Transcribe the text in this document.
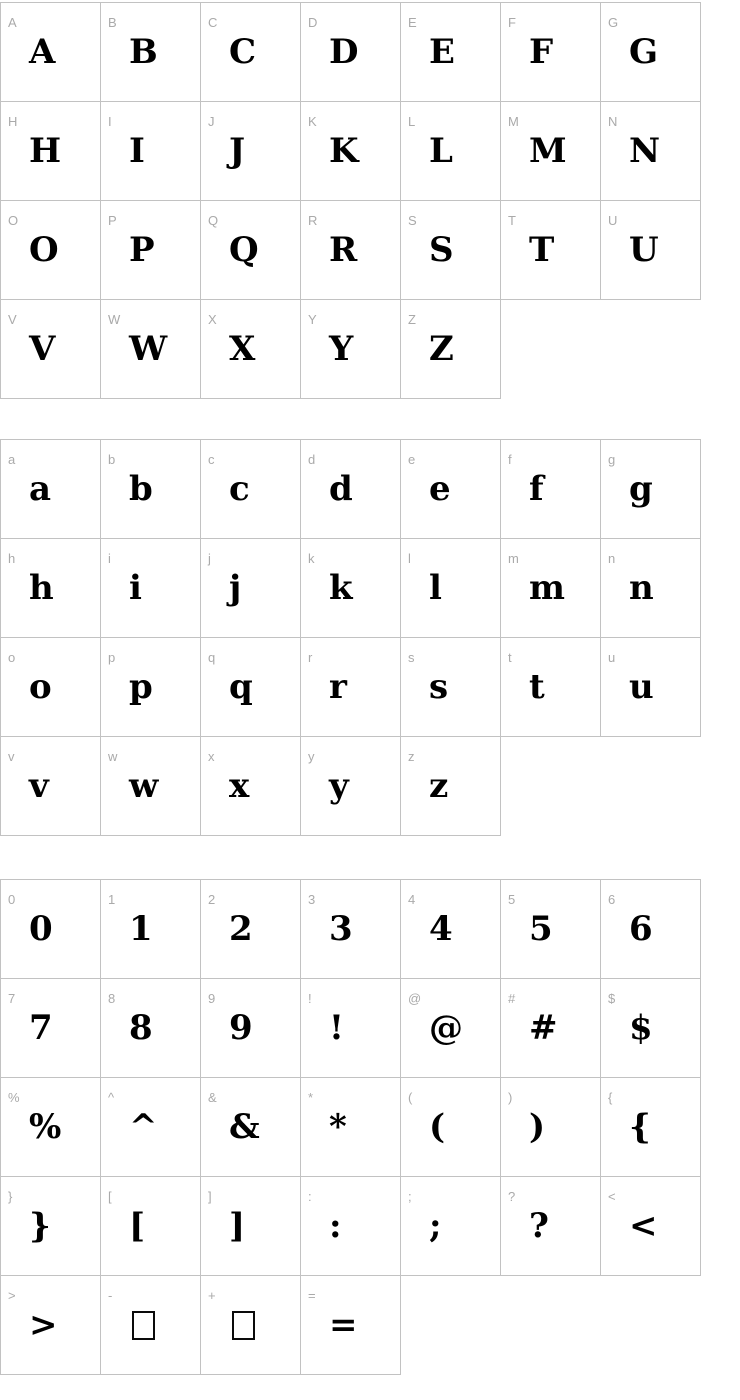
A
A
B
B
C
C
D
D
E
E
F
F
G
G
H
H
I
I
J
J
K
K
L
L
M
M
N
N
O
O
P
P
Q
Q
R
R
S
S
T
T
U
U
V
V
W
W
X
X
Y
Y
Z
Z
a
a
b
b
c
c
d
d
e
e
f
f
g
g
h
h
i
i
j
j
k
k
l
l
m
m
n
n
o
o
p
p
q
q
r
r
s
s
t
t
u
u
v
v
w
w
x
x
y
y
z
z
0
0
1
1
2
2
3
3
4
4
5
5
6
6
7
7
8
8
9
9
!
!
@
@
#
#
$
$
%
%
^
^
&
&
*
*
(
(
)
)
{
{
}
}
[
[
]
]
:
:
;
;
?
?
<
<
>
>
-	+	=
=
